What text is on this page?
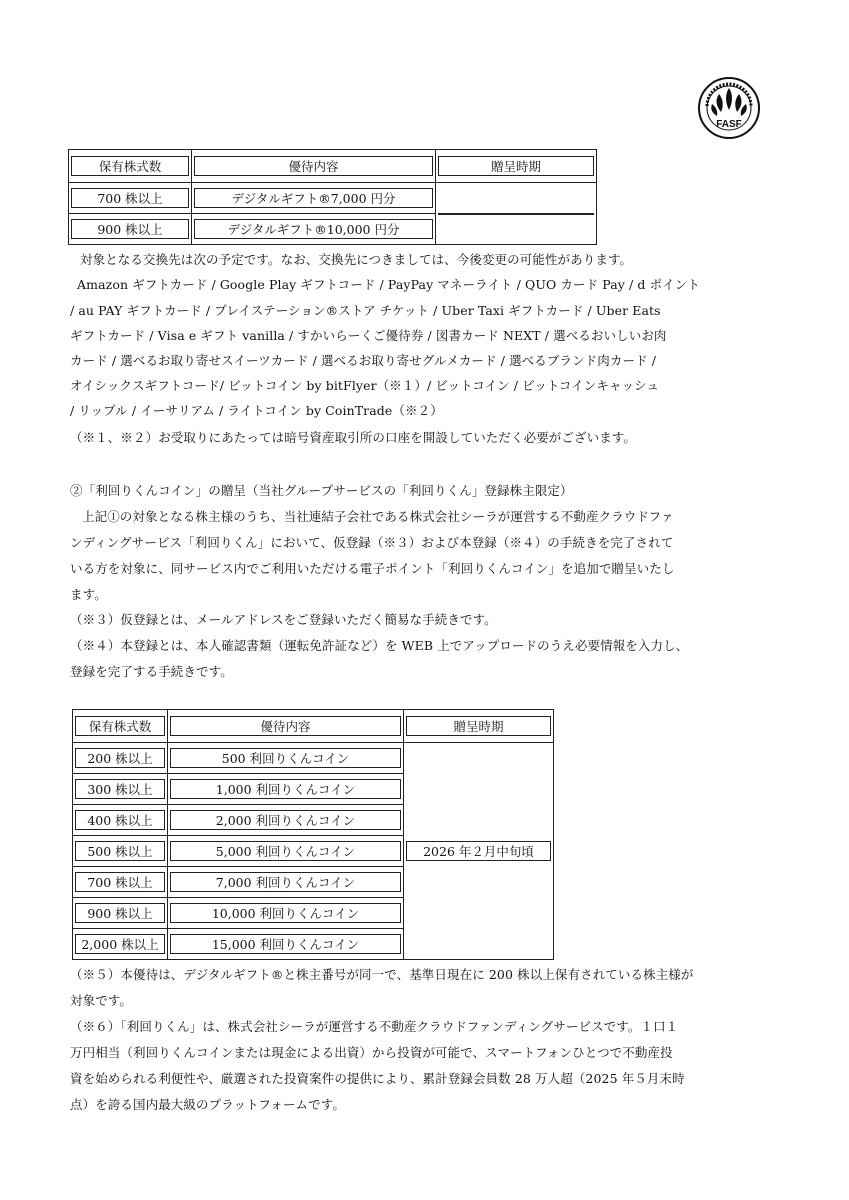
FASF
保有株式数	優待内容	贈呈時期

700 株以上	デジタルギフト®7,000 円分	

900 株以上	デジタルギフト®10,000 円分	
対象となる交換先は次の予定です。なお、交換先につきましては、今後変更の可能性があります。
Amazon ギフトカード / Google Play ギフトコード / PayPay マネーライト / QUO カード Pay / d ポイント
/ au PAY ギフトカード / プレイステーション®ストア チケット / Uber Taxi ギフトカード / Uber Eats
ギフトカード / Visa e ギフト vanilla / すかいらーくご優待券 / 図書カード NEXT / 選べるおいしいお肉
カード / 選べるお取り寄せスイーツカード / 選べるお取り寄せグルメカード / 選べるブランド肉カード /
オイシックスギフトコード/ ビットコイン by bitFlyer（※１）/ ビットコイン / ビットコインキャッシュ
/ リップル / イーサリアム / ライトコイン by CoinTrade（※２）
（※１、※２）お受取りにあたっては暗号資産取引所の口座を開設していただく必要がございます。
②「利回りくんコイン」の贈呈（当社グループサービスの「利回りくん」登録株主限定）
上記①の対象となる株主様のうち、当社連結子会社である株式会社シーラが運営する不動産クラウドファ
ンディングサービス「利回りくん」において、仮登録（※３）および本登録（※４）の手続きを完了されて
いる方を対象に、同サービス内でご利用いただける電子ポイント「利回りくんコイン」を追加で贈呈いたし
ます。
（※３）仮登録とは、メールアドレスをご登録いただく簡易な手続きです。
（※４）本登録とは、本人確認書類（運転免許証など）を WEB 上でアップロードのうえ必要情報を入力し、
登録を完了する手続きです。
保有株式数	優待内容	贈呈時期

200 株以上	500 利回りくんコイン	2026 年２月中旬頃

300 株以上	1,000 利回りくんコイン	

400 株以上	2,000 利回りくんコイン	

500 株以上	5,000 利回りくんコイン	

700 株以上	7,000 利回りくんコイン	

900 株以上	10,000 利回りくんコイン	

2,000 株以上	15,000 利回りくんコイン	
（※５）本優待は、デジタルギフト®と株主番号が同一で、基準日現在に 200 株以上保有されている株主様が
対象です。
（※６）「利回りくん」は、株式会社シーラが運営する不動産クラウドファンディングサービスです。１口１
万円相当（利回りくんコインまたは現金による出資）から投資が可能で、スマートフォンひとつで不動産投
資を始められる利便性や、厳選された投資案件の提供により、累計登録会員数 28 万人超（2025 年５月末時
点）を誇る国内最大級のプラットフォームです。
